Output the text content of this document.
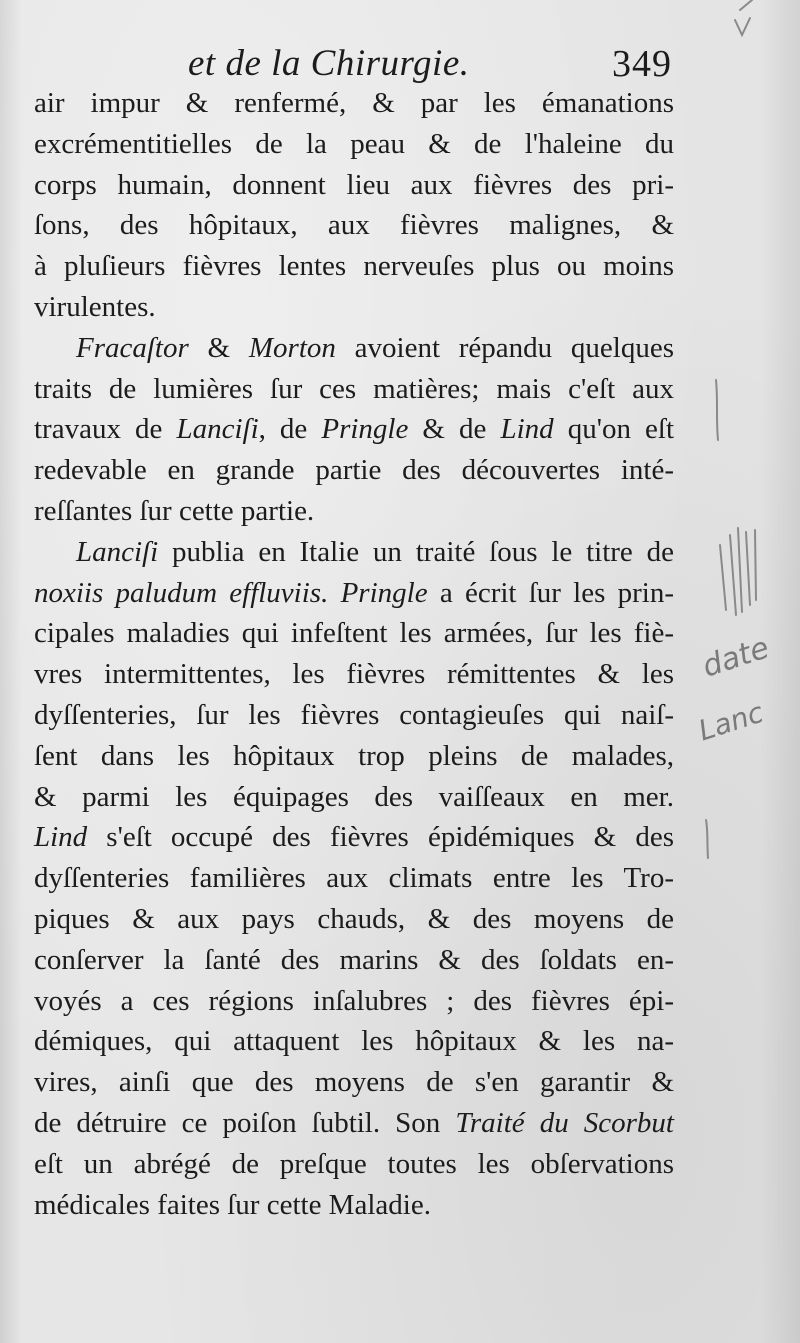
et de la Chirurgie.	349
air impur & renfermé, & par les émanations
excrémentitielles de la peau & de l'haleine du
corps humain, donnent lieu aux fièvres des pri-
ſons, des hôpitaux, aux fièvres malignes, &
à pluſieurs fièvres lentes nerveuſes plus ou moins
virulentes.
Fracaſtor & Morton avoient répandu quelques
traits de lumières ſur ces matières; mais c'eſt aux
travaux de Lanciſi, de Pringle & de Lind qu'on eſt
redevable en grande partie des découvertes inté-
reſſantes ſur cette partie.
Lanciſi publia en Italie un traité ſous le titre de
noxiis paludum effluviis. Pringle a écrit ſur les prin-
cipales maladies qui infeſtent les armées, ſur les fiè-
vres intermittentes, les fièvres rémittentes & les
dyſſenteries, ſur les fièvres contagieuſes qui naiſ-
ſent dans les hôpitaux trop pleins de malades,
& parmi les équipages des vaiſſeaux en mer.
Lind s'eſt occupé des fièvres épidémiques & des
dyſſenteries familières aux climats entre les Tro-
piques & aux pays chauds, & des moyens de
conſerver la ſanté des marins & des ſoldats en-
voyés a ces régions inſalubres ; des fièvres épi-
démiques, qui attaquent les hôpitaux & les na-
vires, ainſi que des moyens de s'en garantir &
de détruire ce poiſon ſubtil. Son Traité du Scorbut
eſt un abrégé de preſque toutes les obſervations
médicales faites ſur cette Maladie.
date
Lanc
